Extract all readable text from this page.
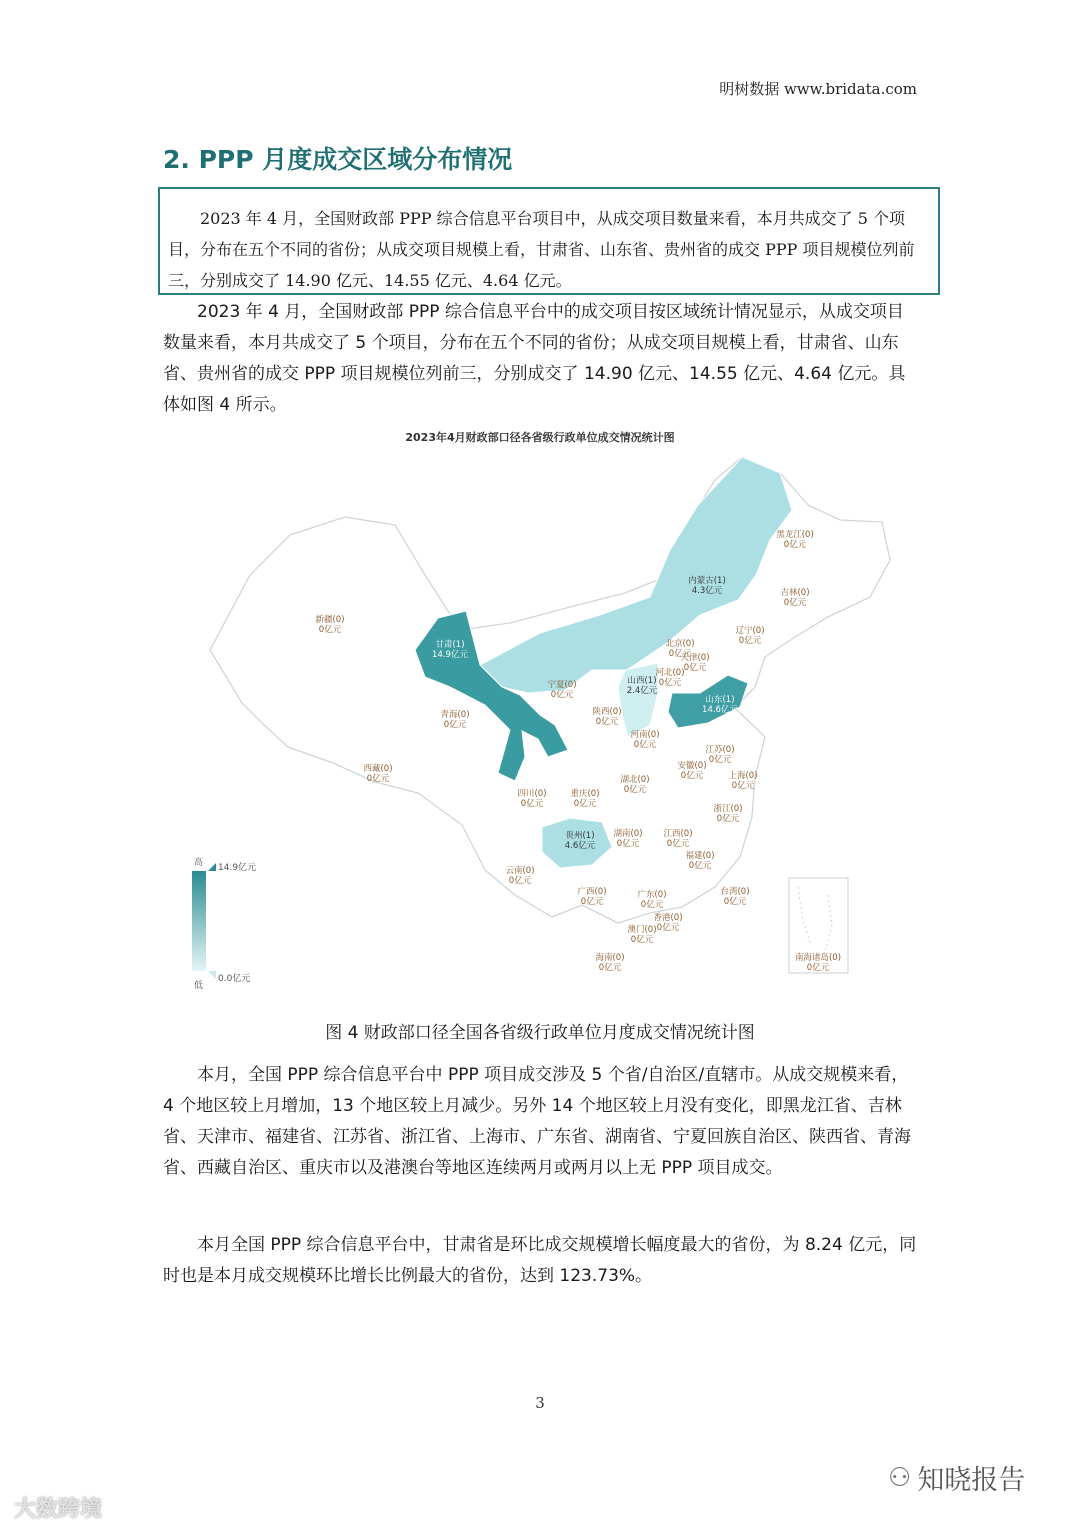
明树数据 www.bridata.com
2. PPP 月度成交区域分布情况

2023 年 4 月，全国财政部 PPP 综合信息平台项目中，从成交项目数量来看，本月共成交了 5 个项目，分布在五个不同的省份；从成交项目规模上看，甘肃省、山东省、贵州省的成交 PPP 项目规模位列前三，分别成交了 14.90 亿元、14.55 亿元、4.64 亿元。

2023 年 4 月，全国财政部 PPP 综合信息平台中的成交项目按区域统计情况显示，从成交项目数量来看，本月共成交了 5 个项目，分布在五个不同的省份；从成交项目规模上看，甘肃省、山东省、贵州省的成交 PPP 项目规模位列前三，分别成交了 14.90 亿元、14.55 亿元、4.64 亿元。具体如图 4 所示。

2023年4月财政部口径各省级行政单位成交情况统计图
高
低
14.9亿元
0.0亿元
黑龙江(0)
0亿元
内蒙古(1)
4.3亿元	吉林(0)
0亿元
新疆(0)
0亿元
甘肃(1)
14.9亿元
辽宁(0)
0亿元
北京(0)
0亿元
天津(0)
0亿元
河北(0)
0亿元
山西(1)
2.4亿元
宁夏(0)
0亿元	山东(1)
14.6亿元
青海(0)
0亿元
陕西(0)
0亿元
河南(0)
0亿元
西藏(0)
0亿元
江苏(0)
0亿元
安徽(0)
0亿元	上海(0)
0亿元
四川(0)
0亿元
湖北(0)
0亿元
重庆(0)
0亿元	浙江(0)
0亿元
贵州(1)
4.6亿元
湖南(0)
0亿元
江西(0)
0亿元
云南(0)
0亿元
福建(0)
0亿元
广西(0)
0亿元
广东(0)
0亿元
台湾(0)
0亿元
香港(0)
0亿元
澳门(0)
0亿元
海南(0)
0亿元
南海诸岛(0)
0亿元
图 4 财政部口径全国各省级行政单位月度成交情况统计图

本月，全国 PPP 综合信息平台中 PPP 项目成交涉及 5 个省/自治区/直辖市。从成交规模来看，4 个地区较上月增加，13 个地区较上月减少。另外 14 个地区较上月没有变化，即黑龙江省、吉林省、天津市、福建省、江苏省、浙江省、上海市、广东省、湖南省、宁夏回族自治区、陕西省、青海省、西藏自治区、重庆市以及港澳台等地区连续两月或两月以上无 PPP 项目成交。

本月全国 PPP 综合信息平台中，甘肃省是环比成交规模增长幅度最大的省份，为 8.24 亿元，同时也是本月成交规模环比增长比例最大的省份，达到 123.73%。

3
大数跨境
⚇ 知晓报告
